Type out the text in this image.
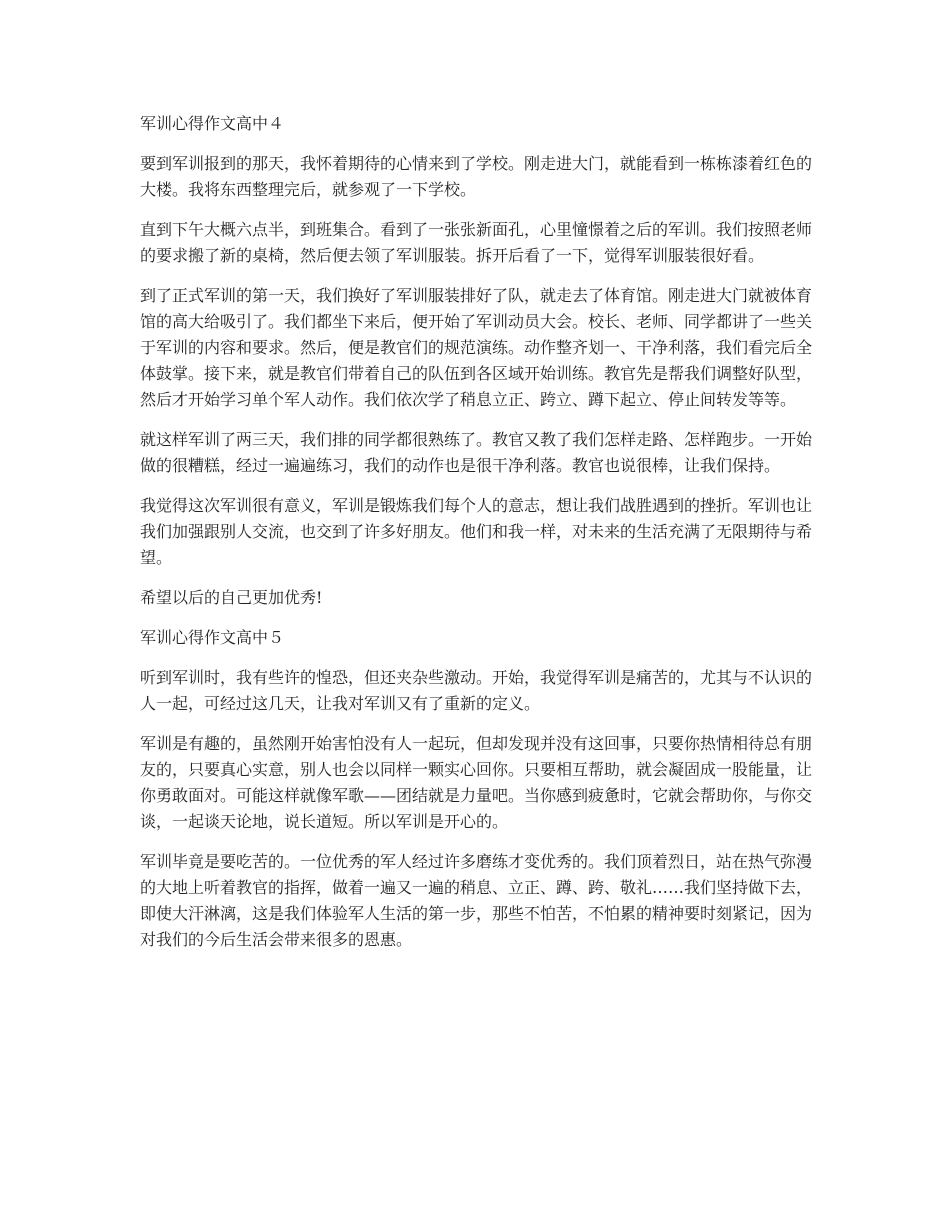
军训心得作文高中４

要到军训报到的那天，我怀着期待的心情来到了学校。刚走进大门，就能看到一栋栋漆着红色的大楼。我将东西整理完后，就参观了一下学校。

直到下午大概六点半，到班集合。看到了一张张新面孔，心里憧憬着之后的军训。我们按照老师的要求搬了新的桌椅，然后便去领了军训服装。拆开后看了一下，觉得军训服装很好看。

到了正式军训的第一天，我们换好了军训服装排好了队，就走去了体育馆。刚走进大门就被体育馆的高大给吸引了。我们都坐下来后，便开始了军训动员大会。校长、老师、同学都讲了一些关于军训的内容和要求。然后，便是教官们的规范演练。动作整齐划一、干净利落，我们看完后全体鼓掌。接下来，就是教官们带着自己的队伍到各区域开始训练。教官先是帮我们调整好队型，然后才开始学习单个军人动作。我们依次学了稍息立正、跨立、蹲下起立、停止间转发等等。

就这样军训了两三天，我们排的同学都很熟练了。教官又教了我们怎样走路、怎样跑步。一开始做的很糟糕，经过一遍遍练习，我们的动作也是很干净利落。教官也说很棒，让我们保持。

我觉得这次军训很有意义，军训是锻炼我们每个人的意志，想让我们战胜遇到的挫折。军训也让我们加强跟别人交流，也交到了许多好朋友。他们和我一样，对未来的生活充满了无限期待与希望。

希望以后的自己更加优秀!

军训心得作文高中５

听到军训时，我有些许的惶恐，但还夹杂些激动。开始，我觉得军训是痛苦的，尤其与不认识的人一起，可经过这几天，让我对军训又有了重新的定义。

军训是有趣的，虽然刚开始害怕没有人一起玩，但却发现并没有这回事，只要你热情相待总有朋友的，只要真心实意，别人也会以同样一颗实心回你。只要相互帮助，就会凝固成一股能量，让你勇敢面对。可能这样就像军歌——团结就是力量吧。当你感到疲惫时，它就会帮助你，与你交谈，一起谈天论地，说长道短。所以军训是开心的。

军训毕竟是要吃苦的。一位优秀的军人经过许多磨练才变优秀的。我们顶着烈日，站在热气弥漫的大地上听着教官的指挥，做着一遍又一遍的稍息、立正、蹲、跨、敬礼……我们坚持做下去，即使大汗淋漓，这是我们体验军人生活的第一步，那些不怕苦，不怕累的精神要时刻紧记，因为对我们的今后生活会带来很多的恩惠。
